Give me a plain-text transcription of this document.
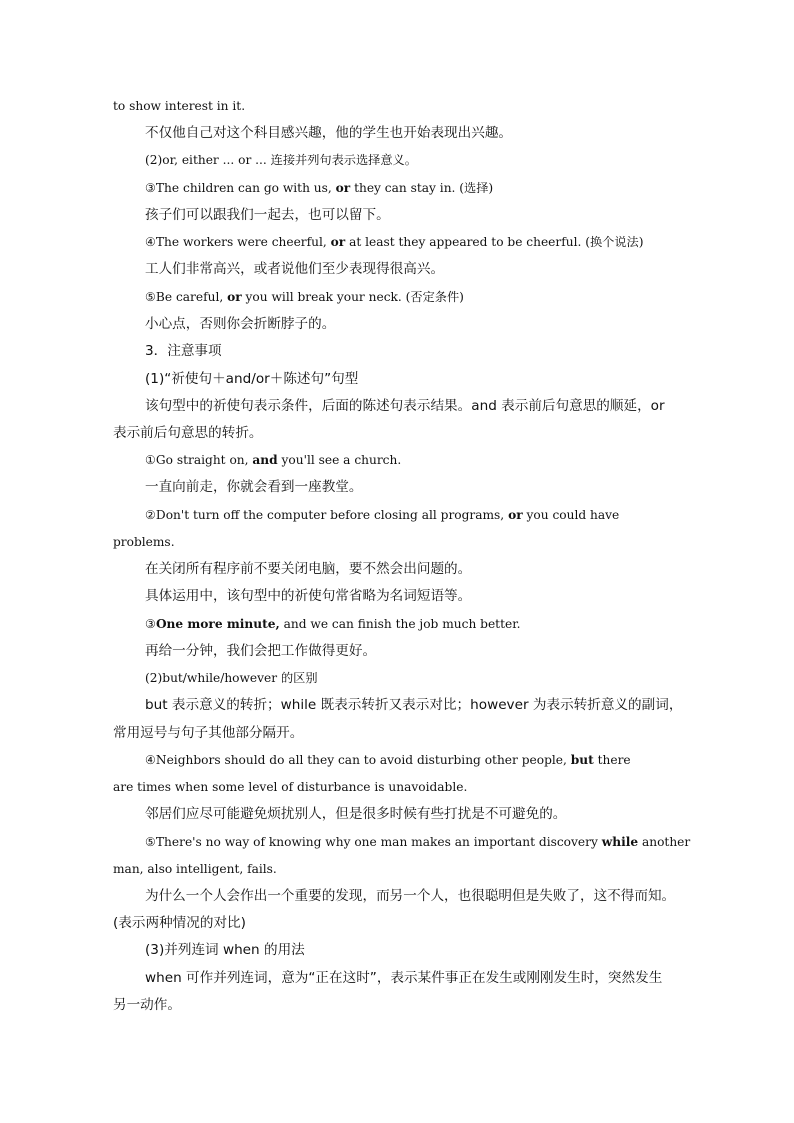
to show interest in it.
不仅他自己对这个科目感兴趣，他的学生也开始表现出兴趣。
(2)or, either ... or ... 连接并列句表示选择意义。
③The children can go with us, or they can stay in. (选择)
孩子们可以跟我们一起去，也可以留下。
④The workers were cheerful, or at least they appeared to be cheerful. (换个说法)
工人们非常高兴，或者说他们至少表现得很高兴。
⑤Be careful, or you will break your neck. (否定条件)
小心点，否则你会折断脖子的。
3．注意事项
(1)“祈使句＋and/or＋陈述句”句型
该句型中的祈使句表示条件，后面的陈述句表示结果。and 表示前后句意思的顺延，or
表示前后句意思的转折。
①Go straight on, and you'll see a church.
一直向前走，你就会看到一座教堂。
②Don't turn off the computer before closing all programs, or you could have
problems.
在关闭所有程序前不要关闭电脑，要不然会出问题的。
具体运用中，该句型中的祈使句常省略为名词短语等。
③One more minute, and we can finish the job much better.
再给一分钟，我们会把工作做得更好。
(2)but/while/however 的区别
but 表示意义的转折；while 既表示转折又表示对比；however 为表示转折意义的副词，
常用逗号与句子其他部分隔开。
④Neighbors should do all they can to avoid disturbing other people, but there
are times when some level of disturbance is unavoidable.
邻居们应尽可能避免烦扰别人，但是很多时候有些打扰是不可避免的。
⑤There's no way of knowing why one man makes an important discovery while another
man, also intelligent, fails.
为什么一个人会作出一个重要的发现，而另一个人，也很聪明但是失败了，这不得而知。
(表示两种情况的对比)
(3)并列连词 when 的用法
when 可作并列连词，意为“正在这时”，表示某件事正在发生或刚刚发生时，突然发生
另一动作。
